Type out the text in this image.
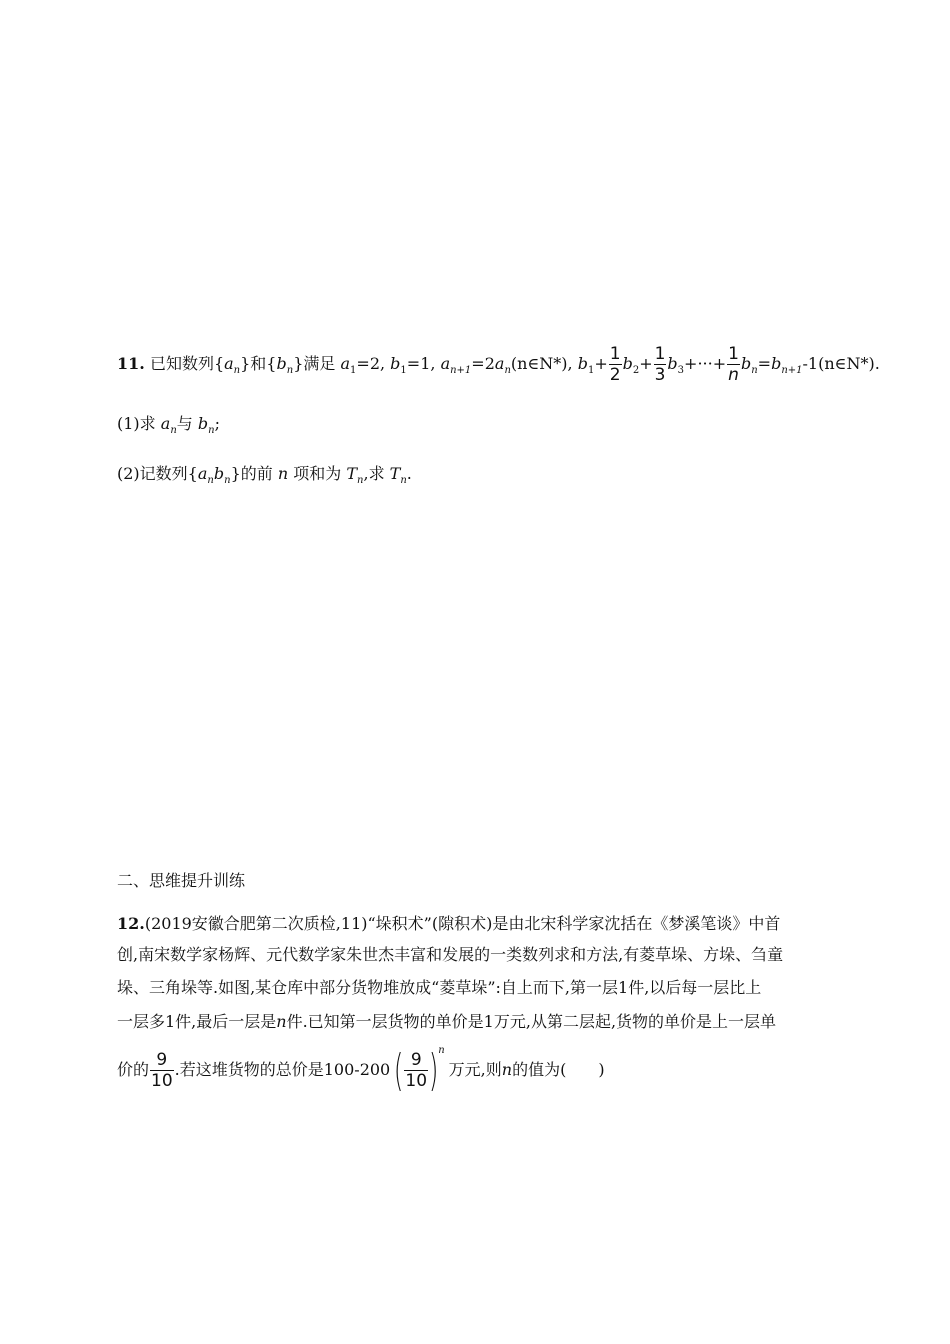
11. 已知数列$\{a_n\}$和$\{b_n\}$满足 $a_1=2$, $b_1=1$, $a_{n+1}=2a_n(n\in N*)$, $b_1+ \frac{1}{2} b_2+ \frac{1}{3} b_3+\cdot\cdot\cdot+ \frac{1}{n}$ $b_n=b_{n+1}-1(n\in N*)$.
(1)求 $a_n$与 $b_n$;
(2)记数列$\{a_nb_n\}$的前 n 项和为 $T_n$,求 $T_n$.
二、思维提升训练
12.(2019安徽合肥第二次质检,11)“垛积术”(隙积术)是由北宋科学家沈括在《梦溪笔谈》中首
创,南宋数学家杨辉、元代数学家朱世杰丰富和发展的一类数列求和方法,有菱草垛、方垛、刍童
垛、三角垛等.如图,某仓库中部分货物堆放成“菱草垛”:自上而下,第一层1件,以后每一层比上
一层多1件,最后一层是n件.已知第一层货物的单价是1万元,从第二层起,货物的单价是上一层单
价的 $\frac{9}{10}$ .若这堆货物的总价是$100-200( \frac{9}{10} )^n$万元,则n的值为(　　)
